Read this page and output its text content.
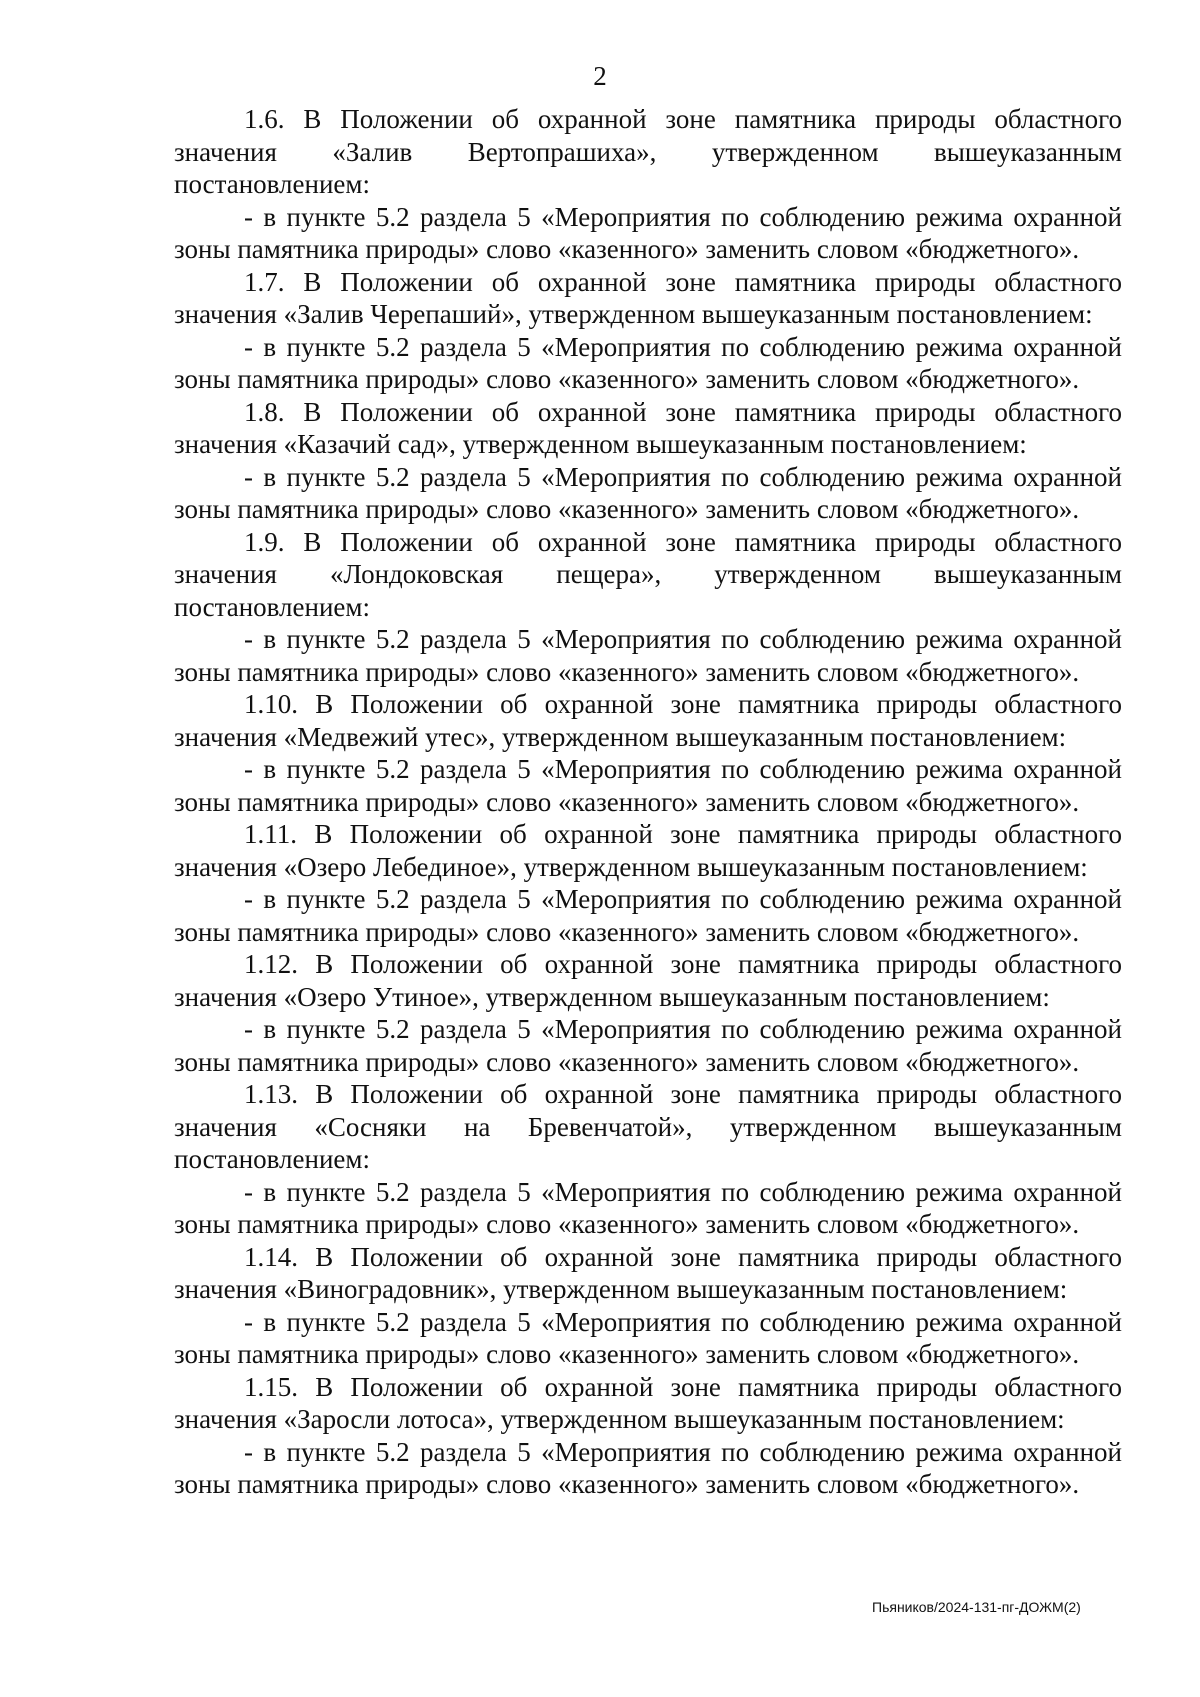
2

1.6. В Положении об охранной зоне памятника природы областного значения «Залив Вертопрашиха», утвержденном вышеуказанным постановлением:

- в пункте 5.2 раздела 5 «Мероприятия по соблюдению режима охранной зоны памятника природы» слово «казенного» заменить словом «бюджетного».

1.7. В Положении об охранной зоне памятника природы областного значения «Залив Черепаший», утвержденном вышеуказанным постановлением:

- в пункте 5.2 раздела 5 «Мероприятия по соблюдению режима охранной зоны памятника природы» слово «казенного» заменить словом «бюджетного».

1.8. В Положении об охранной зоне памятника природы областного значения «Казачий сад», утвержденном вышеуказанным постановлением:

- в пункте 5.2 раздела 5 «Мероприятия по соблюдению режима охранной зоны памятника природы» слово «казенного» заменить словом «бюджетного».

1.9. В Положении об охранной зоне памятника природы областного значения «Лондоковская пещера», утвержденном вышеуказанным постановлением:

- в пункте 5.2 раздела 5 «Мероприятия по соблюдению режима охранной зоны памятника природы» слово «казенного» заменить словом «бюджетного».

1.10. В Положении об охранной зоне памятника природы областного значения «Медвежий утес», утвержденном вышеуказанным постановлением:

- в пункте 5.2 раздела 5 «Мероприятия по соблюдению режима охранной зоны памятника природы» слово «казенного» заменить словом «бюджетного».

1.11. В Положении об охранной зоне памятника природы областного значения «Озеро Лебединое», утвержденном вышеуказанным постановлением:

- в пункте 5.2 раздела 5 «Мероприятия по соблюдению режима охранной зоны памятника природы» слово «казенного» заменить словом «бюджетного».

1.12. В Положении об охранной зоне памятника природы областного значения «Озеро Утиное», утвержденном вышеуказанным постановлением:

- в пункте 5.2 раздела 5 «Мероприятия по соблюдению режима охранной зоны памятника природы» слово «казенного» заменить словом «бюджетного».

1.13. В Положении об охранной зоне памятника природы областного значения «Сосняки на Бревенчатой», утвержденном вышеуказанным постановлением:

- в пункте 5.2 раздела 5 «Мероприятия по соблюдению режима охранной зоны памятника природы» слово «казенного» заменить словом «бюджетного».

1.14. В Положении об охранной зоне памятника природы областного значения «Виноградовник», утвержденном вышеуказанным постановлением:

- в пункте 5.2 раздела 5 «Мероприятия по соблюдению режима охранной зоны памятника природы» слово «казенного» заменить словом «бюджетного».

1.15. В Положении об охранной зоне памятника природы областного значения «Заросли лотоса», утвержденном вышеуказанным постановлением:

- в пункте 5.2 раздела 5 «Мероприятия по соблюдению режима охранной зоны памятника природы» слово «казенного» заменить словом «бюджетного».

Пьяников/2024-131-пг-ДОЖМ(2)
